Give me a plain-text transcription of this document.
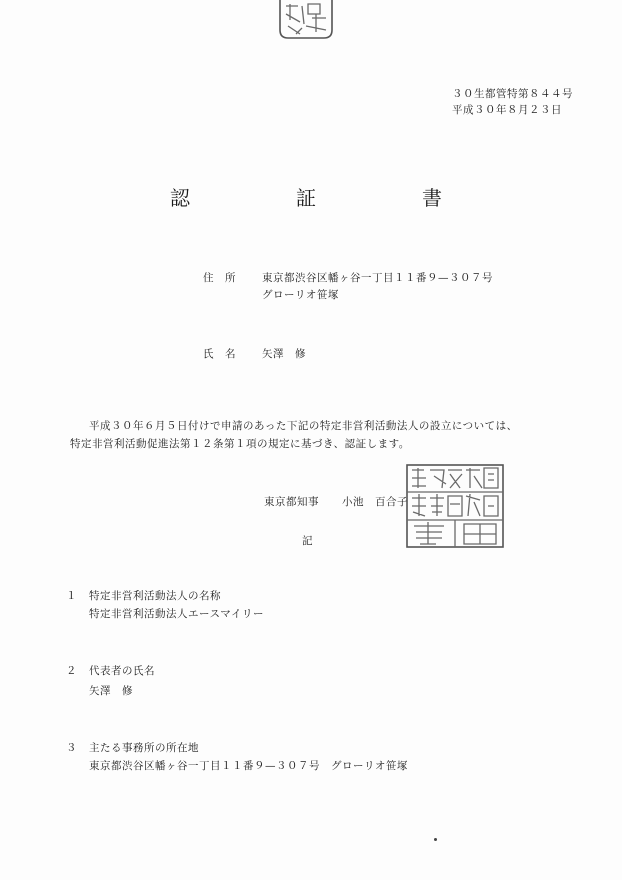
３０生都管特第８４４号
平成３０年８月２３日
認	証	書
住　所 東京都渋谷区幡ヶ谷一丁目１１番９—３０７号
グローリオ笹塚
氏　名 矢澤　修
平成３０年６月５日付けで申請のあった下記の特定非営利活動法人の設立については、
特定非営利活動促進法第１２条第１項の規定に基づき、認証します。
東京都知事 小池　百合子
記
１ 特定非営利活動法人の名称
特定非営利活動法人エースマイリー
２ 代表者の氏名
矢澤　修
３ 主たる事務所の所在地
東京都渋谷区幡ヶ谷一丁目１１番９—３０７号　グローリオ笹塚
